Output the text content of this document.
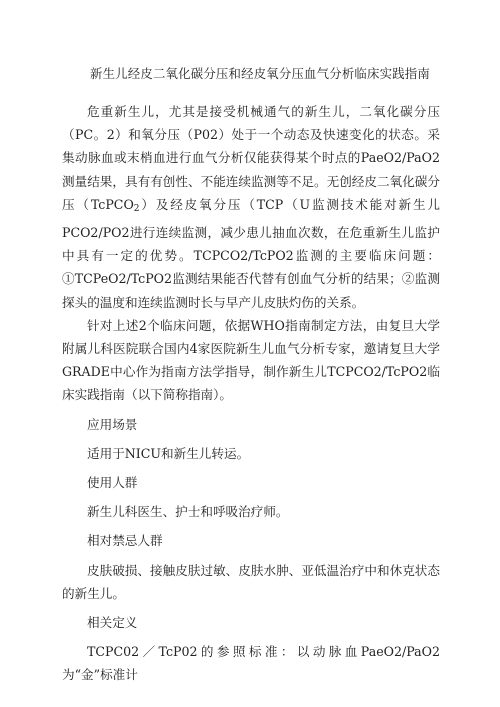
新生儿经皮二氧化碳分压和经皮氧分压血气分析临床实践指南

危重新生儿，尤其是接受机械通气的新生儿，二氧化碳分压（PC。2）和氧分压（P02）处于一个动态及快速变化的状态。采集动脉血或末梢血进行血气分析仅能获得某个时点的PaeO2/PaO2测量结果，具有有创性、不能连续监测等不足。无创经皮二氧化碳分压（TcPCO$_2$）及经皮氧分压（TCP（U监测技术能对新生儿PCO2/PO2进行连续监测，减少患儿抽血次数，在危重新生儿监护中具有一定的优势。TCPCO2/TcPO2监测的主要临床问题：①TCPeO2/TcPO2监测结果能否代替有创血气分析的结果；②监测探头的温度和连续监测时长与早产儿皮肤灼伤的关系。

针对上述2个临床问题，依据WHO指南制定方法，由复旦大学附属儿科医院联合国内4家医院新生儿血气分析专家，邀请复旦大学GRADE中心作为指南方法学指导，制作新生儿TCPCO2/TcPO2临床实践指南（以下简称指南）。

应用场景

适用于NICU和新生儿转运。

使用人群

新生儿科医生、护士和呼吸治疗师。

相对禁忌人群

皮肤破损、接触皮肤过敏、皮肤水肿、亚低温治疗中和休克状态的新生儿。

相关定义

TCPC02／TcP02的参照标准：以动脉血PaeO2/PaO2为“金”标准计
